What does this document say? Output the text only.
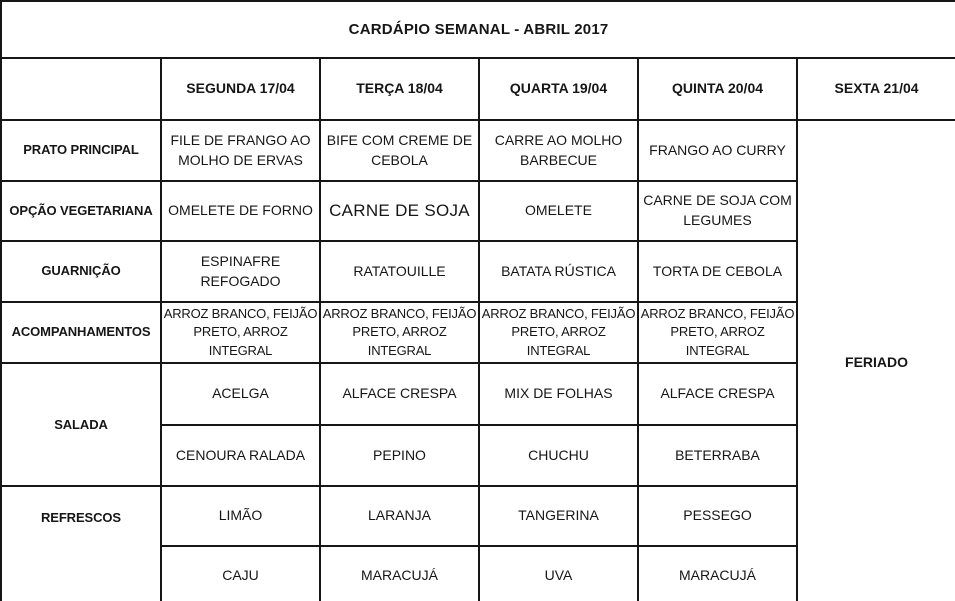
CARDÁPIO SEMANAL - ABRIL 2017					
	SEGUNDA 17/04	TERÇA 18/04	QUARTA 19/04	QUINTA 20/04	SEXTA 21/04
PRATO PRINCIPAL	FILE DE FRANGO AO MOLHO DE ERVAS	BIFE COM CREME DE CEBOLA	CARRE AO MOLHO BARBECUE	FRANGO AO CURRY	FERIADO
OPÇÃO VEGETARIANA	OMELETE DE FORNO	CARNE DE SOJA	OMELETE	CARNE DE SOJA COM LEGUMES	
GUARNIÇÃO	ESPINAFRE REFOGADO	RATATOUILLE	BATATA RÚSTICA	TORTA DE CEBOLA	
ACOMPANHAMENTOS	ARROZ BRANCO, FEIJÃO PRETO, ARROZ INTEGRAL	ARROZ BRANCO, FEIJÃO PRETO, ARROZ INTEGRAL	ARROZ BRANCO, FEIJÃO PRETO, ARROZ INTEGRAL	ARROZ BRANCO, FEIJÃO PRETO, ARROZ INTEGRAL	
SALADA	ACELGA	ALFACE CRESPA	MIX DE FOLHAS	ALFACE CRESPA	
	CENOURA RALADA	PEPINO	CHUCHU	BETERRABA	
REFRESCOS	LIMÃO	LARANJA	TANGERINA	PESSEGO	
	CAJU	MARACUJÁ	UVA	MARACUJÁ	
